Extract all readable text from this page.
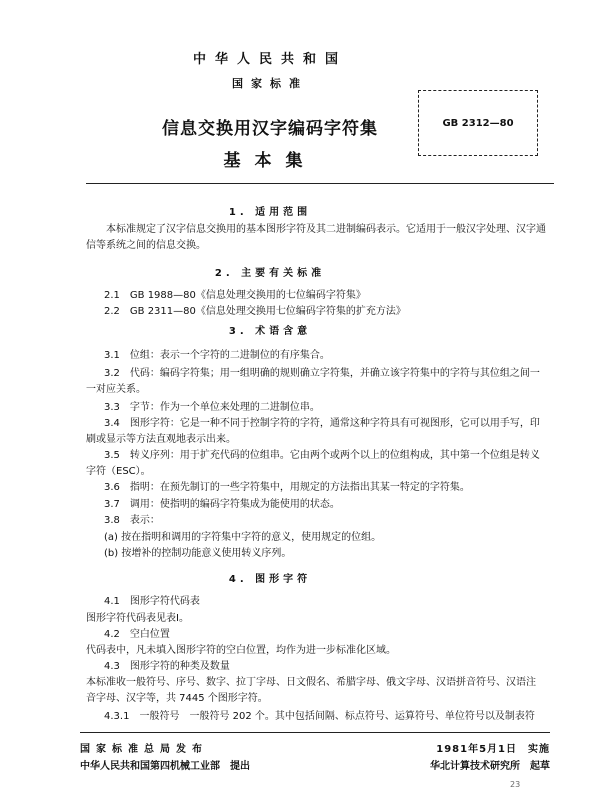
中华人民共和国
国家标准
信息交换用汉字编码字符集
基本集
GB 2312—80
1. 适用范围
本标准规定了汉字信息交换用的基本图形字符及其二进制编码表示。它适用于一般汉字处理、汉字通信等系统之间的信息交换。
2. 主要有关标准
2.1　GB 1988—80《信息处理交换用的七位编码字符集》
2.2　GB 2311—80《信息处理交换用七位编码字符集的扩充方法》
3. 术语含意
3.1　位组：表示一个字符的二进制位的有序集合。
3.2　代码：编码字符集；用一组明确的规则确立字符集，并确立该字符集中的字符与其位组之间一一对应关系。
3.3　字节：作为一个单位来处理的二进制位串。
3.4　图形字符：它是一种不同于控制字符的字符，通常这种字符具有可视图形，它可以用手写，印刷或显示等方法直观地表示出来。
3.5　转义序列：用于扩充代码的位组串。它由两个或两个以上的位组构成，其中第一个位组是转义字符（ESC）。
3.6　指明：在预先制订的一些字符集中，用规定的方法指出其某一特定的字符集。
3.7　调用：使指明的编码字符集成为能使用的状态。
3.8　表示：
(a) 按在指明和调用的字符集中字符的意义，使用规定的位组。
(b) 按增补的控制功能意义使用转义序列。
4. 图形字符
4.1　图形字符代码表
图形字符代码表见表Ⅰ。
4.2　空白位置
代码表中，凡未填入图形字符的空白位置，均作为进一步标准化区域。
4.3　图形字符的种类及数量
本标准收一般符号、序号、数字、拉丁字母、日文假名、希腊字母、俄文字母、汉语拼音符号、汉语注音字母、汉字等，共 7445 个图形字符。
4.3.1　一般符号　一般符号 202 个。其中包括间隔、标点符号、运算符号、单位符号以及制表符
国家标准总局发布	1981年5月1日　实施
中华人民共和国第四机械工业部　提出	华北计算技术研究所　起草
23
